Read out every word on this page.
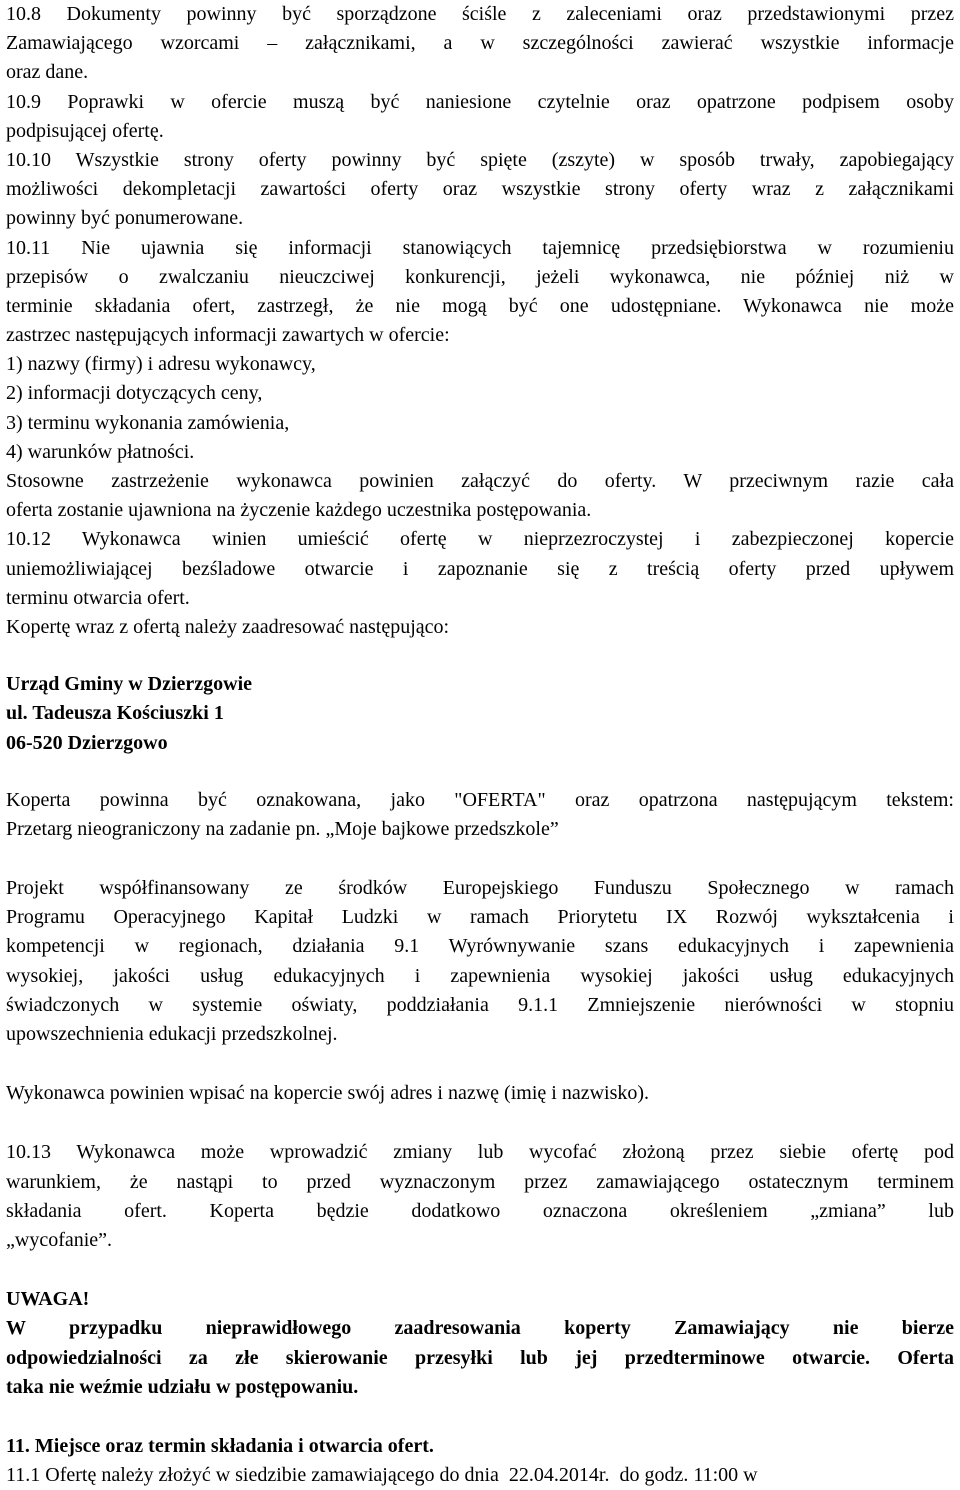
10.8 Dokumenty powinny być sporządzone ściśle z zaleceniami oraz przedstawionymi przez
Zamawiającego wzorcami – załącznikami, a w szczególności zawierać wszystkie informacje
oraz dane.
10.9 Poprawki w ofercie muszą być naniesione czytelnie oraz opatrzone podpisem osoby
podpisującej ofertę.
10.10 Wszystkie strony oferty powinny być spięte (zszyte) w sposób trwały, zapobiegający
możliwości dekompletacji zawartości oferty oraz wszystkie strony oferty wraz z załącznikami
powinny być ponumerowane.
10.11 Nie ujawnia się informacji stanowiących tajemnicę przedsiębiorstwa w rozumieniu
przepisów o zwalczaniu nieuczciwej konkurencji, jeżeli wykonawca, nie później niż w
terminie składania ofert, zastrzegł, że nie mogą być one udostępniane. Wykonawca nie może
zastrzec następujących informacji zawartych w ofercie:
1) nazwy (firmy) i adresu wykonawcy,
2) informacji dotyczących ceny,
3) terminu wykonania zamówienia,
4) warunków płatności.
Stosowne zastrzeżenie wykonawca powinien załączyć do oferty. W przeciwnym razie cała
oferta zostanie ujawniona na życzenie każdego uczestnika postępowania.
10.12 Wykonawca winien umieścić ofertę w nieprzezroczystej i zabezpieczonej kopercie
uniemożliwiającej bezśladowe otwarcie i zapoznanie się z treścią oferty przed upływem
terminu otwarcia ofert.
Kopertę wraz z ofertą należy zaadresować następująco:
Urząd Gminy w Dzierzgowie
ul. Tadeusza Kościuszki 1
06-520 Dzierzgowo
Koperta powinna być oznakowana, jako "OFERTA" oraz opatrzona następującym tekstem:
Przetarg nieograniczony na zadanie pn. „Moje bajkowe przedszkole”
Projekt współfinansowany ze środków Europejskiego Funduszu Społecznego w ramach
Programu Operacyjnego Kapitał Ludzki w ramach Priorytetu IX Rozwój wykształcenia i
kompetencji w regionach, działania 9.1 Wyrównywanie szans edukacyjnych i zapewnienia
wysokiej, jakości usług edukacyjnych i zapewnienia wysokiej jakości usług edukacyjnych
świadczonych w systemie oświaty, poddziałania 9.1.1 Zmniejszenie nierówności w stopniu
upowszechnienia edukacji przedszkolnej.
Wykonawca powinien wpisać na kopercie swój adres i nazwę (imię i nazwisko).
10.13 Wykonawca może wprowadzić zmiany lub wycofać złożoną przez siebie ofertę pod
warunkiem, że nastąpi to przed wyznaczonym przez zamawiającego ostatecznym terminem
składania ofert. Koperta będzie dodatkowo oznaczona określeniem „zmiana” lub
„wycofanie”.
UWAGA!
W przypadku nieprawidłowego zaadresowania koperty Zamawiający nie bierze
odpowiedzialności za złe skierowanie przesyłki lub jej przedterminowe otwarcie. Oferta
taka nie weźmie udziału w postępowaniu.
11. Miejsce oraz termin składania i otwarcia ofert.
11.1 Ofertę należy złożyć w siedzibie zamawiającego do dnia  22.04.2014r.  do godz. 11:00 w
